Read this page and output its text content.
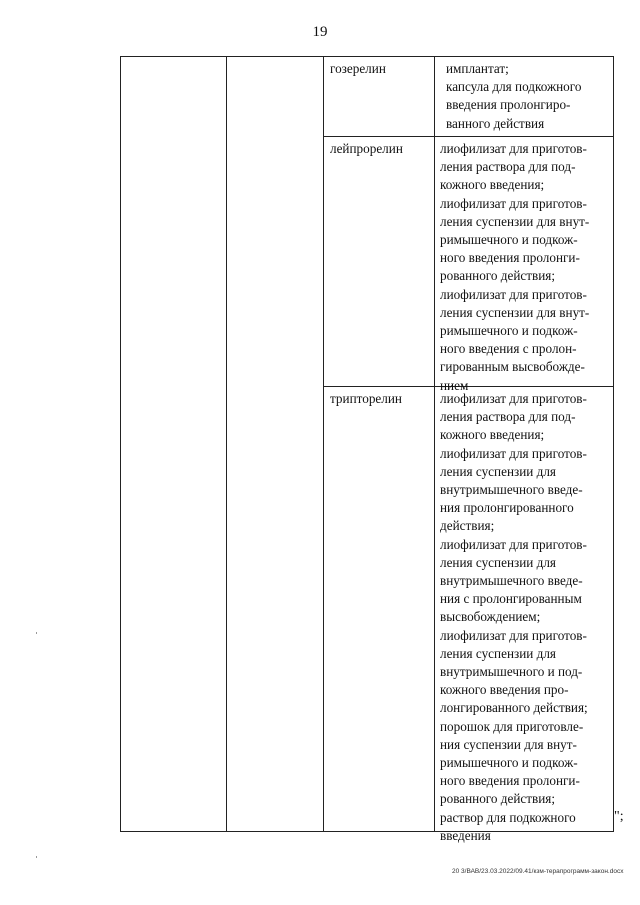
19
гозерелин	имплантат;
капсула для подкожного
введения пролонгиро-
ванного действия
лейпрорелин	лиофилизат для приготов-
ления раствора для под-
кожного введения;
лиофилизат для приготов-
ления суспензии для внут-
римышечного и подкож-
ного введения пролонги-
рованного действия;
лиофилизат для приготов-
ления суспензии для внут-
римышечного и подкож-
ного введения с пролон-
гированным высвобожде-
нием
трипторелин	лиофилизат для приготов-
ления раствора для под-
кожного введения;
лиофилизат для приготов-
ления суспензии для
внутримышечного введе-
ния пролонгированного
действия;
лиофилизат для приготов-
ления суспензии для
внутримышечного введе-
ния с пролонгированным
высвобождением;
лиофилизат для приготов-
ления суспензии для
внутримышечного и под-
кожного введения про-
лонгированного действия;
порошок для приготовле-
ния суспензии для внут-
римышечного и подкож-
ного введения пролонги-
рованного действия;
раствор для подкожного
введения
";
20 3/ВАВ/23.03.2022/09.41/кзм-терапрограмм-закон.docx
